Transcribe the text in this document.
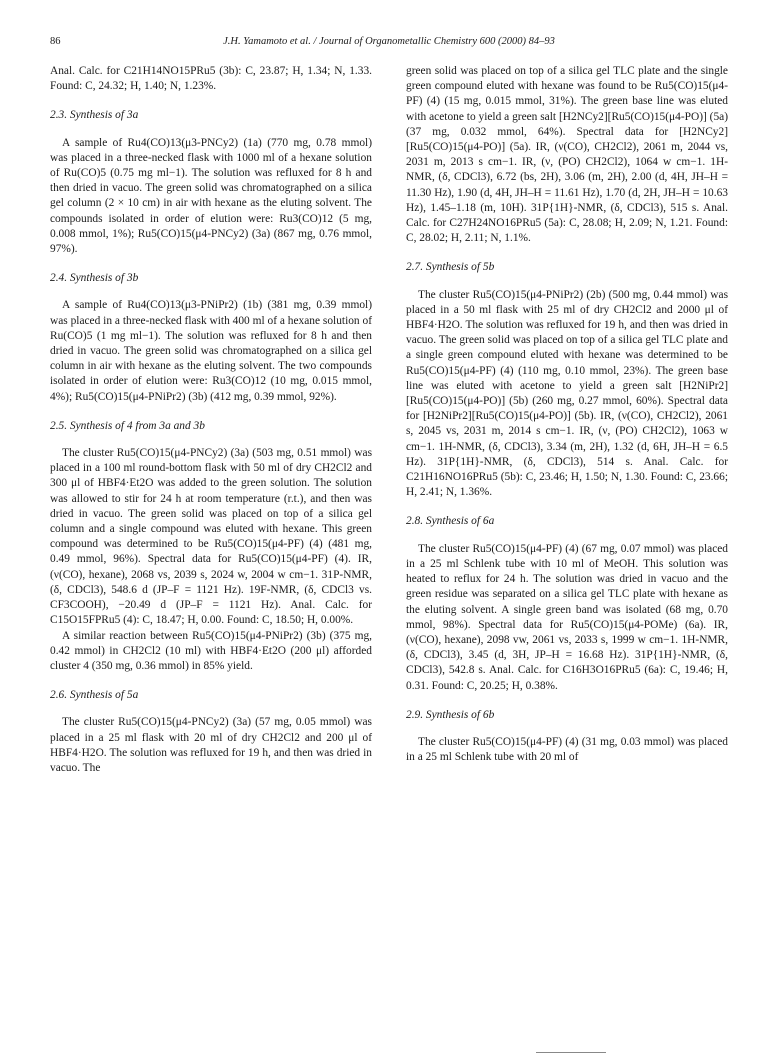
86	J.H. Yamamoto et al. / Journal of Organometallic Chemistry 600 (2000) 84–93

Anal. Calc. for C21H14NO15PRu5 (3b): C, 23.87; H, 1.34; N, 1.33. Found: C, 24.32; H, 1.40; N, 1.23%.

2.3. Synthesis of 3a

A sample of Ru4(CO)13(μ3-PNCy2) (1a) (770 mg, 0.78 mmol) was placed in a three-necked flask with 1000 ml of a hexane solution of Ru(CO)5 (0.75 mg ml−1). The solution was refluxed for 8 h and then dried in vacuo. The green solid was chromatographed on a silica gel column (2 × 10 cm) in air with hexane as the eluting solvent. The compounds isolated in order of elution were: Ru3(CO)12 (5 mg, 0.008 mmol, 1%); Ru5(CO)15(μ4-PNCy2) (3a) (867 mg, 0.76 mmol, 97%).

2.4. Synthesis of 3b

A sample of Ru4(CO)13(μ3-PNiPr2) (1b) (381 mg, 0.39 mmol) was placed in a three-necked flask with 400 ml of a hexane solution of Ru(CO)5 (1 mg ml−1). The solution was refluxed for 8 h and then dried in vacuo. The green solid was chromatographed on a silica gel column in air with hexane as the eluting solvent. The two compounds isolated in order of elution were: Ru3(CO)12 (10 mg, 0.015 mmol, 4%); Ru5(CO)15(μ4-PNiPr2) (3b) (412 mg, 0.39 mmol, 92%).

2.5. Synthesis of 4 from 3a and 3b

The cluster Ru5(CO)15(μ4-PNCy2) (3a) (503 mg, 0.51 mmol) was placed in a 100 ml round-bottom flask with 50 ml of dry CH2Cl2 and 300 μl of HBF4·Et2O was added to the green solution. The solution was allowed to stir for 24 h at room temperature (r.t.), and then was dried in vacuo. The green solid was placed on top of a silica gel column and a single compound was eluted with hexane. This green compound was determined to be Ru5(CO)15(μ4-PF) (4) (481 mg, 0.49 mmol, 96%). Spectral data for Ru5(CO)15(μ4-PF) (4). IR, (ν(CO), hexane), 2068 vs, 2039 s, 2024 w, 2004 w cm−1. 31P-NMR, (δ, CDCl3), 548.6 d (JP–F = 1121 Hz). 19F-NMR, (δ, CDCl3 vs. CF3COOH), −20.49 d (JP–F = 1121 Hz). Anal. Calc. for C15O15FPRu5 (4): C, 18.47; H, 0.00. Found: C, 18.50; H, 0.00%.

A similar reaction between Ru5(CO)15(μ4-PNiPr2) (3b) (375 mg, 0.42 mmol) in CH2Cl2 (10 ml) with HBF4·Et2O (200 μl) afforded cluster 4 (350 mg, 0.36 mmol) in 85% yield.

2.6. Synthesis of 5a

The cluster Ru5(CO)15(μ4-PNCy2) (3a) (57 mg, 0.05 mmol) was placed in a 25 ml flask with 20 ml of dry CH2Cl2 and 200 μl of HBF4·H2O. The solution was refluxed for 19 h, and then was dried in vacuo. The

green solid was placed on top of a silica gel TLC plate and the single green compound eluted with hexane was found to be Ru5(CO)15(μ4-PF) (4) (15 mg, 0.015 mmol, 31%). The green base line was eluted with acetone to yield a green salt [H2NCy2][Ru5(CO)15(μ4-PO)] (5a) (37 mg, 0.032 mmol, 64%). Spectral data for [H2NCy2][Ru5(CO)15(μ4-PO)] (5a). IR, (ν(CO), CH2Cl2), 2061 m, 2044 vs, 2031 m, 2013 s cm−1. IR, (ν, (PO) CH2Cl2), 1064 w cm−1. 1H-NMR, (δ, CDCl3), 6.72 (bs, 2H), 3.06 (m, 2H), 2.00 (d, 4H, JH–H = 11.30 Hz), 1.90 (d, 4H, JH–H = 11.61 Hz), 1.70 (d, 2H, JH–H = 10.63 Hz), 1.45–1.18 (m, 10H). 31P{1H}-NMR, (δ, CDCl3), 515 s. Anal. Calc. for C27H24NO16PRu5 (5a): C, 28.08; H, 2.09; N, 1.21. Found: C, 28.02; H, 2.11; N, 1.1%.

2.7. Synthesis of 5b

The cluster Ru5(CO)15(μ4-PNiPr2) (2b) (500 mg, 0.44 mmol) was placed in a 50 ml flask with 25 ml of dry CH2Cl2 and 2000 μl of HBF4·H2O. The solution was refluxed for 19 h, and then was dried in vacuo. The green solid was placed on top of a silica gel TLC plate and a single green compound eluted with hexane was determined to be Ru5(CO)15(μ4-PF) (4) (110 mg, 0.10 mmol, 23%). The green base line was eluted with acetone to yield a green salt [H2NiPr2][Ru5(CO)15(μ4-PO)] (5b) (260 mg, 0.27 mmol, 60%). Spectral data for [H2NiPr2][Ru5(CO)15(μ4-PO)] (5b). IR, (ν(CO), CH2Cl2), 2061 s, 2045 vs, 2031 m, 2014 s cm−1. IR, (ν, (PO) CH2Cl2), 1063 w cm−1. 1H-NMR, (δ, CDCl3), 3.34 (m, 2H), 1.32 (d, 6H, JH–H = 6.5 Hz). 31P{1H}-NMR, (δ, CDCl3), 514 s. Anal. Calc. for C21H16NO16PRu5 (5b): C, 23.46; H, 1.50; N, 1.30. Found: C, 23.66; H, 2.41; N, 1.36%.

2.8. Synthesis of 6a

The cluster Ru5(CO)15(μ4-PF) (4) (67 mg, 0.07 mmol) was placed in a 25 ml Schlenk tube with 10 ml of MeOH. This solution was heated to reflux for 24 h. The solution was dried in vacuo and the green residue was separated on a silica gel TLC plate with hexane as the eluting solvent. A single green band was isolated (68 mg, 0.70 mmol, 98%). Spectral data for Ru5(CO)15(μ4-POMe) (6a). IR, (ν(CO), hexane), 2098 vw, 2061 vs, 2033 s, 1999 w cm−1. 1H-NMR, (δ, CDCl3), 3.45 (d, 3H, JP–H = 16.68 Hz). 31P{1H}-NMR, (δ, CDCl3), 542.8 s. Anal. Calc. for C16H3O16PRu5 (6a): C, 19.46; H, 0.31. Found: C, 20.25; H, 0.38%.

2.9. Synthesis of 6b

The cluster Ru5(CO)15(μ4-PF) (4) (31 mg, 0.03 mmol) was placed in a 25 ml Schlenk tube with 20 ml of
